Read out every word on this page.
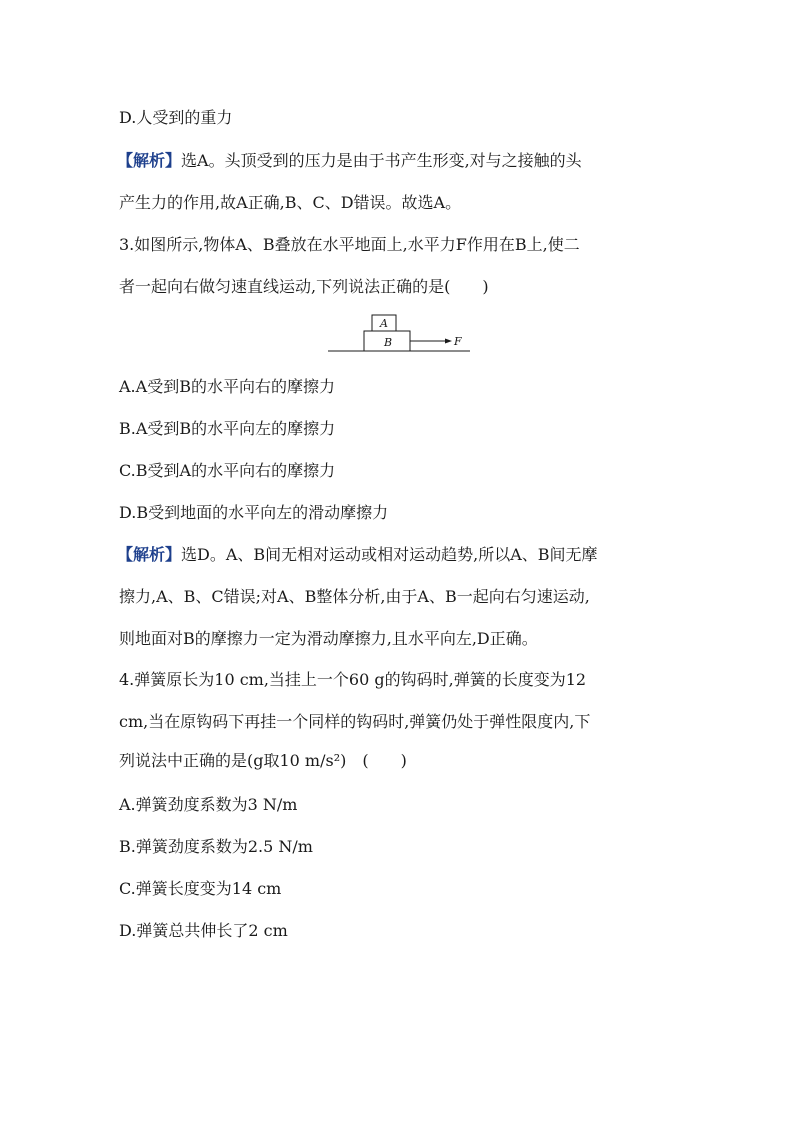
D.人受到的重力
【解析】选A。头顶受到的压力是由于书产生形变,对与之接触的头
产生力的作用,故A正确,B、C、D错误。故选A。
3.如图所示,物体A、B叠放在水平地面上,水平力F作用在B上,使二
者一起向右做匀速直线运动,下列说法正确的是(　　)
A
B	F
A.A受到B的水平向右的摩擦力
B.A受到B的水平向左的摩擦力
C.B受到A的水平向右的摩擦力
D.B受到地面的水平向左的滑动摩擦力
【解析】选D。A、B间无相对运动或相对运动趋势,所以A、B间无摩
擦力,A、B、C错误;对A、B整体分析,由于A、B一起向右匀速运动,
则地面对B的摩擦力一定为滑动摩擦力,且水平向左,D正确。
4.弹簧原长为10 cm,当挂上一个60 g的钩码时,弹簧的长度变为12
cm,当在原钩码下再挂一个同样的钩码时,弹簧仍处于弹性限度内,下
列说法中正确的是(g取10 m/s²)　(　　)
A.弹簧劲度系数为3 N/m
B.弹簧劲度系数为2.5 N/m
C.弹簧长度变为14 cm
D.弹簧总共伸长了2 cm
